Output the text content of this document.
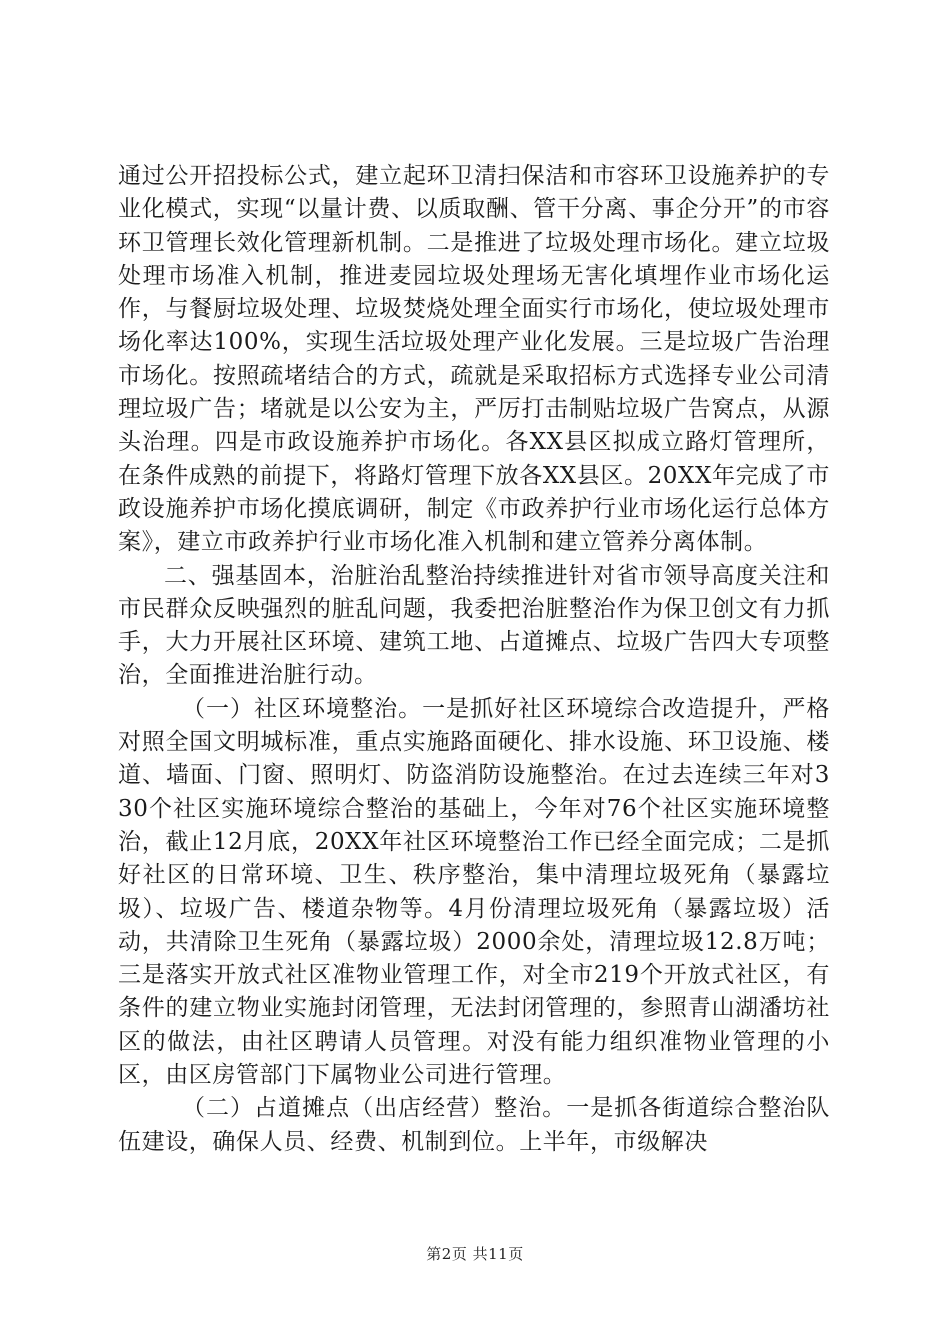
通过公开招投标公式，建立起环卫清扫保洁和市容环卫设施养护的专业化模式，实现“以量计费、以质取酬、管干分离、事企分开”的市容环卫管理长效化管理新机制。二是推进了垃圾处理市场化。建立垃圾处理市场准入机制，推进麦园垃圾处理场无害化填埋作业市场化运作，与餐厨垃圾处理、垃圾焚烧处理全面实行市场化，使垃圾处理市场化率达100%，实现生活垃圾处理产业化发展。三是垃圾广告治理市场化。按照疏堵结合的方式，疏就是采取招标方式选择专业公司清理垃圾广告；堵就是以公安为主，严厉打击制贴垃圾广告窝点，从源头治理。四是市政设施养护市场化。各XX县区拟成立路灯管理所，在条件成熟的前提下，将路灯管理下放各XX县区。20XX年完成了市政设施养护市场化摸底调研，制定《市政养护行业市场化运行总体方案》，建立市政养护行业市场化准入机制和建立管养分离体制。

二、强基固本，治脏治乱整治持续推进针对省市领导高度关注和市民群众反映强烈的脏乱问题，我委把治脏整治作为保卫创文有力抓手，大力开展社区环境、建筑工地、占道摊点、垃圾广告四大专项整治，全面推进治脏行动。

（一）社区环境整治。一是抓好社区环境综合改造提升，严格对照全国文明城标准，重点实施路面硬化、排水设施、环卫设施、楼道、墙面、门窗、照明灯、防盗消防设施整治。在过去连续三年对330个社区实施环境综合整治的基础上，今年对76个社区实施环境整治，截止12月底，20XX年社区环境整治工作已经全面完成；二是抓好社区的日常环境、卫生、秩序整治，集中清理垃圾死角（暴露垃圾）、垃圾广告、楼道杂物等。4月份清理垃圾死角（暴露垃圾）活动，共清除卫生死角（暴露垃圾）2000余处，清理垃圾12.8万吨；三是落实开放式社区准物业管理工作，对全市219个开放式社区，有条件的建立物业实施封闭管理，无法封闭管理的，参照青山湖潘坊社区的做法，由社区聘请人员管理。对没有能力组织准物业管理的小区，由区房管部门下属物业公司进行管理。

（二）占道摊点（出店经营）整治。一是抓各街道综合整治队伍建设，确保人员、经费、机制到位。上半年，市级解决

第2页 共11页
